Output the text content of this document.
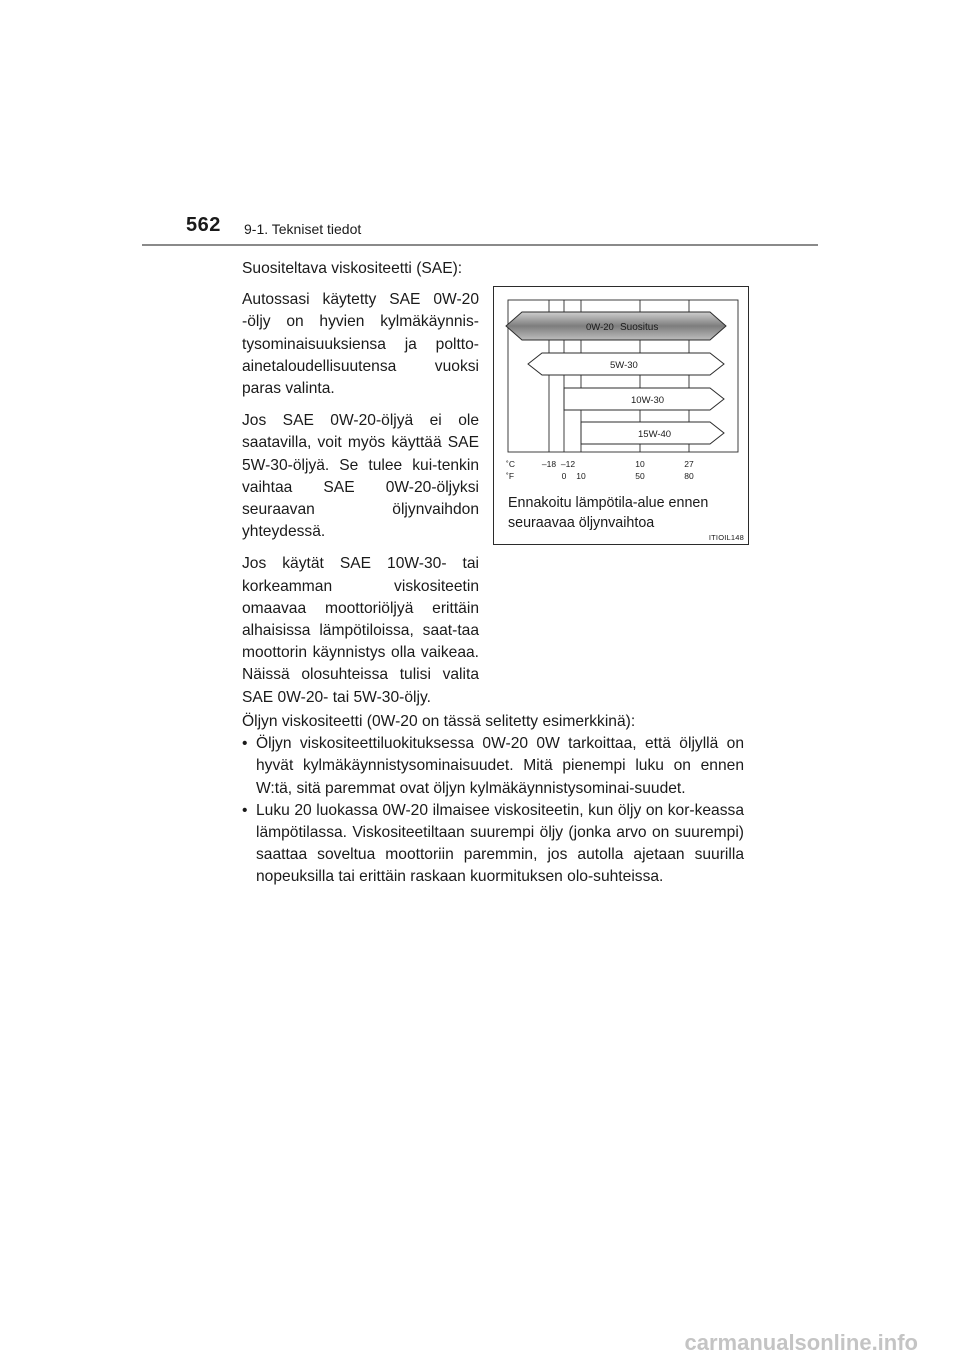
562 9-1. Tekniset tiedot

Suositeltava viskositeetti (SAE):

Autossasi käytetty SAE 0W-20 -öljy on hyvien kylmäkäynnis-tysominaisuuksiensa ja poltto-ainetaloudellisuutensa vuoksi paras valinta.

Jos SAE 0W-20-öljyä ei ole saatavilla, voit myös käyttää SAE 5W-30-öljyä. Se tulee kui-tenkin vaihtaa SAE 0W-20-öljyksi seuraavan öljynvaihdon yhteydessä.

Jos käytät SAE 10W-30- tai korkeamman viskositeetin omaavaa moottoriöljyä erittäin alhaisissa lämpötiloissa, saat-taa moottorin käynnistys olla vaikeaa. Näissä olosuhteissa tulisi valita SAE 0W-20- tai 5W-30-öljy.

0W-20 Suositus
5W-30
10W-30
15W-40
˚C
˚F
–18 –12	10	27
0 10	50	80
Ennakoitu lämpötila-alue ennen seuraavaa öljynvaihtoa
ITIOIL148

Öljyn viskositeetti (0W-20 on tässä selitetty esimerkkinä):

• Öljyn viskositeettiluokituksessa 0W-20 0W tarkoittaa, että öljyllä on hyvät kylmäkäynnistysominaisuudet. Mitä pienempi luku on ennen W:tä, sitä paremmat ovat öljyn kylmäkäynnistysominai-suudet.
• Luku 20 luokassa 0W-20 ilmaisee viskositeetin, kun öljy on kor-keassa lämpötilassa. Viskositeetiltaan suurempi öljy (jonka arvo on suurempi) saattaa soveltua moottoriin paremmin, jos autolla ajetaan suurilla nopeuksilla tai erittäin raskaan kuormituksen olo-suhteissa.
carmanualsonline.info
